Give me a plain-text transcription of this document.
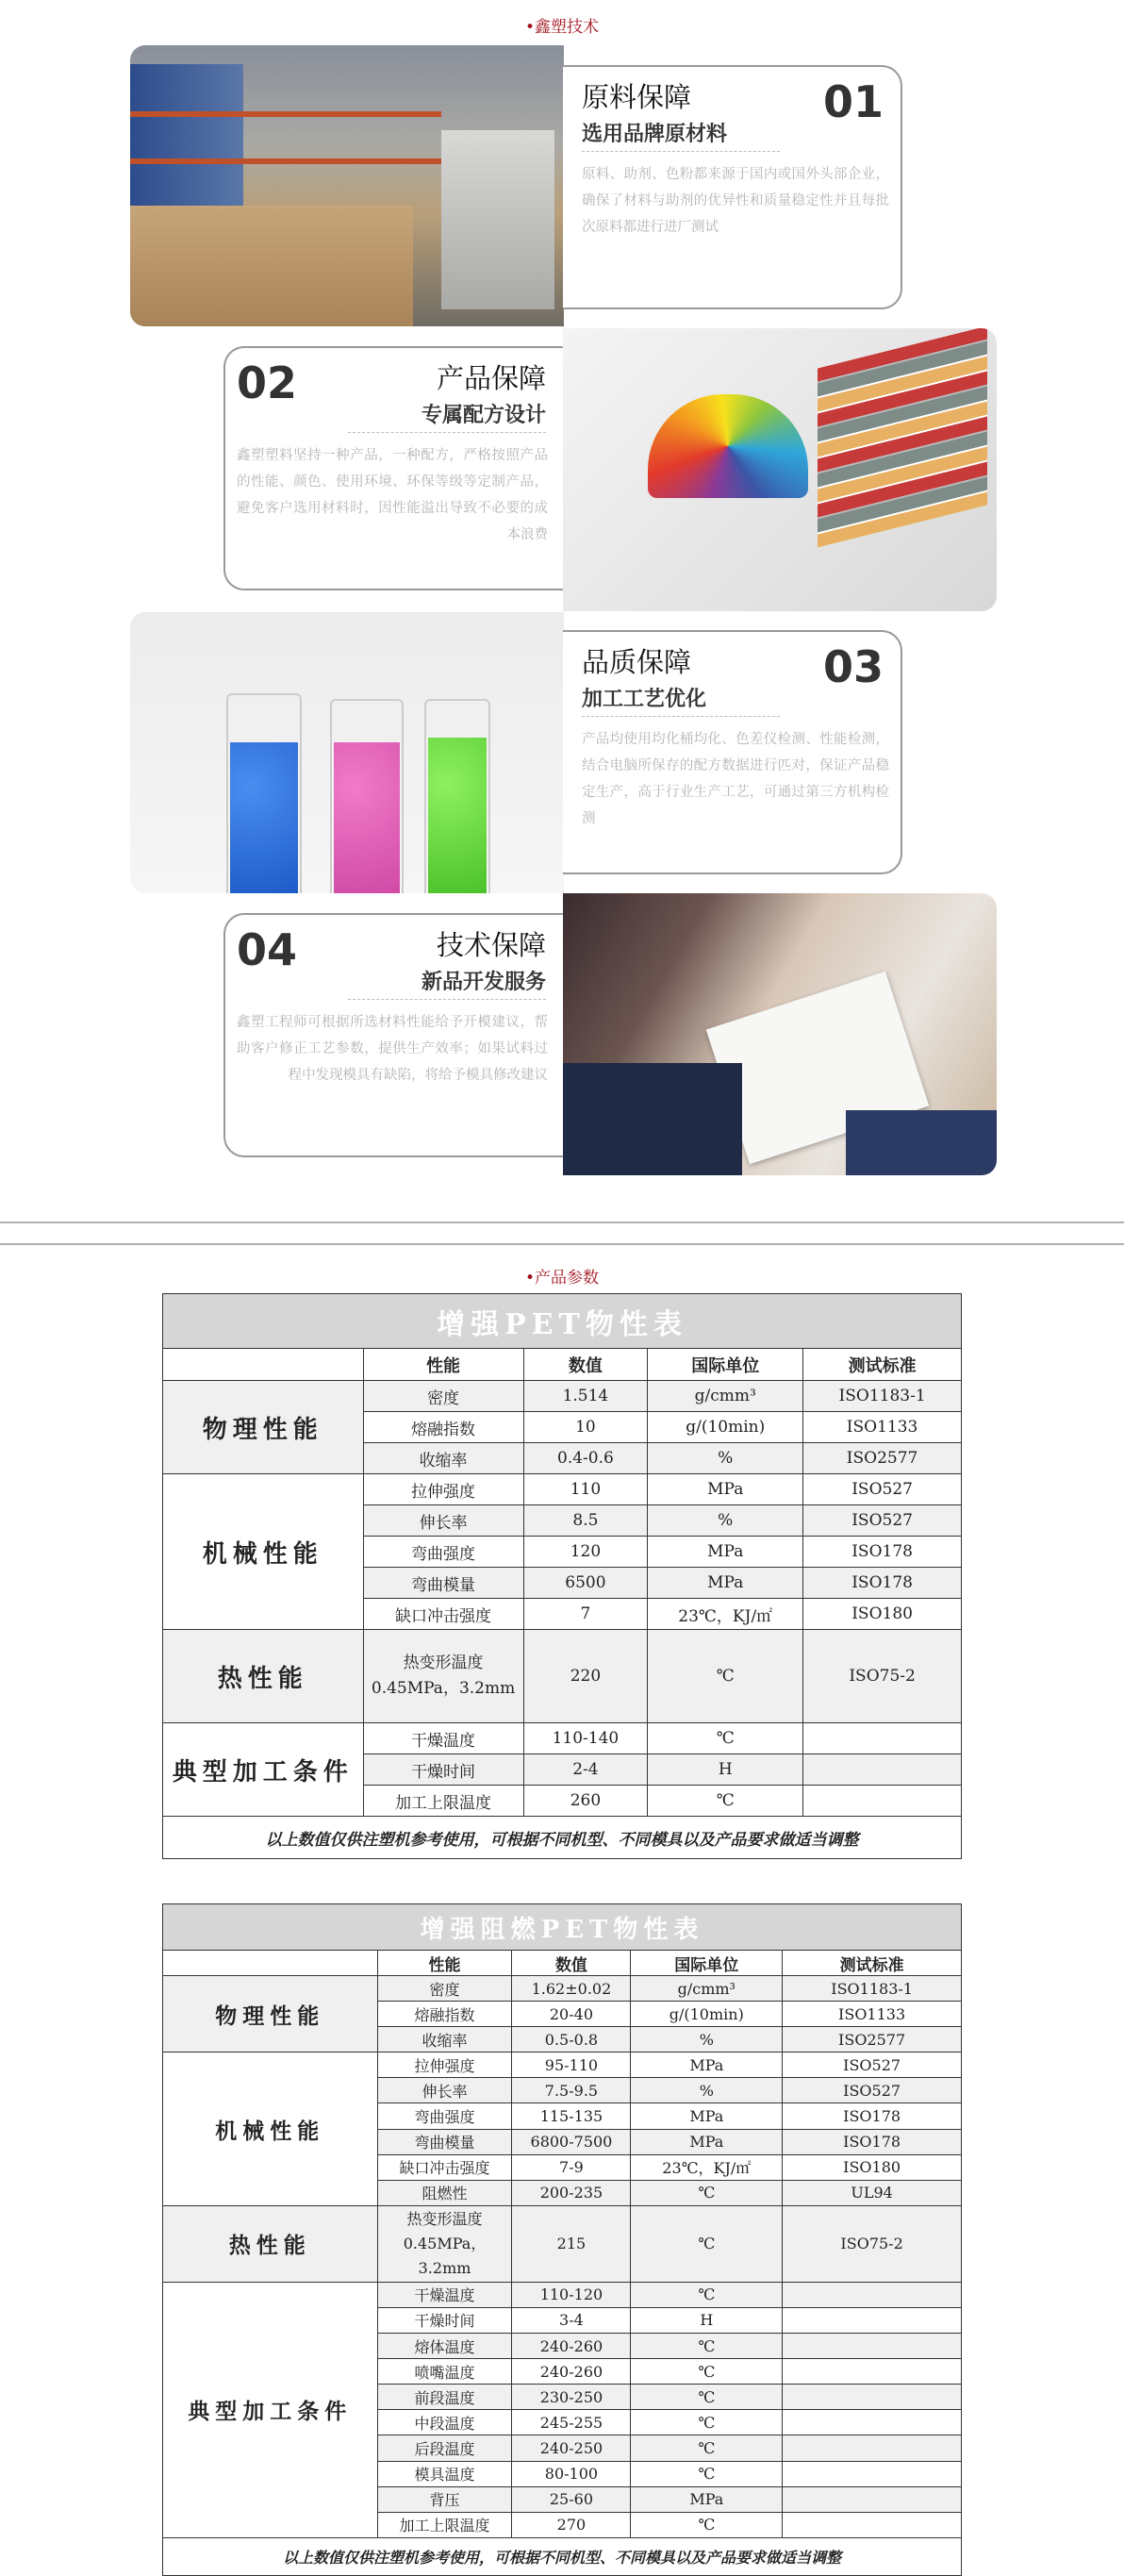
•鑫塑技术
原料保障
选用品牌原材料
01
原料、助剂、色粉都来源于国内或国外头部企业，确保了材料与助剂的优异性和质量稳定性并且每批次原料都进行进厂测试
02	产品保障
专属配方设计
鑫塑塑料坚持一种产品，一种配方，严格按照产品的性能、颜色、使用环境、环保等级等定制产品，避免客户选用材料时，因性能溢出导致不必要的成本浪费
品质保障
加工工艺优化
03
产品均使用均化桶均化、色差仪检测、性能检测，结合电脑所保存的配方数据进行匹对，保证产品稳定生产，高于行业生产工艺，可通过第三方机构检测
04	技术保障
新品开发服务
鑫塑工程师可根据所选材料性能给予开模建议，帮助客户修正工艺参数，提供生产效率；如果试料过程中发现模具有缺陷，将给予模具修改建议
•产品参数
增强PET物性表				
	性能	数值	国际单位	测试标准
物理性能	密度	1.514	g/cmm³	ISO1183-1
	熔融指数	10	g/(10min)	ISO1133
	收缩率	0.4-0.6	%	ISO2577
机械性能	拉伸强度	110	MPa	ISO527
	伸长率	8.5	%	ISO527
	弯曲强度	120	MPa	ISO178
	弯曲模量	6500	MPa	ISO178
	缺口冲击强度	7	23℃，KJ/㎡	ISO180
热性能	热变形温度 0.45MPa，3.2mm	220	℃	ISO75-2
典型加工条件	干燥温度	110-140	℃	
	干燥时间	2-4	H	
	加工上限温度	260	℃	
以上数值仅供注塑机参考使用，可根据不同机型、不同模具以及产品要求做适当调整				
增强阻燃PET物性表				
	性能	数值	国际单位	测试标准
物理性能	密度	1.62±0.02	g/cmm³	ISO1183-1
	熔融指数	20-40	g/(10min)	ISO1133
	收缩率	0.5-0.8	%	ISO2577
机械性能	拉伸强度	95-110	MPa	ISO527
	伸长率	7.5-9.5	%	ISO527
	弯曲强度	115-135	MPa	ISO178
	弯曲模量	6800-7500	MPa	ISO178
	缺口冲击强度	7-9	23℃，KJ/㎡	ISO180
	阻燃性	200-235	℃	UL94
热性能	热变形温度 0.45MPa，3.2mm	215	℃	ISO75-2
典型加工条件	干燥温度	110-120	℃	
	干燥时间	3-4	H	
	熔体温度	240-260	℃	
	喷嘴温度	240-260	℃	
	前段温度	230-250	℃	
	中段温度	245-255	℃	
	后段温度	240-250	℃	
	模具温度	80-100	℃	
	背压	25-60	MPa	
	加工上限温度	270	℃	
以上数值仅供注塑机参考使用，可根据不同机型、不同模具以及产品要求做适当调整				
